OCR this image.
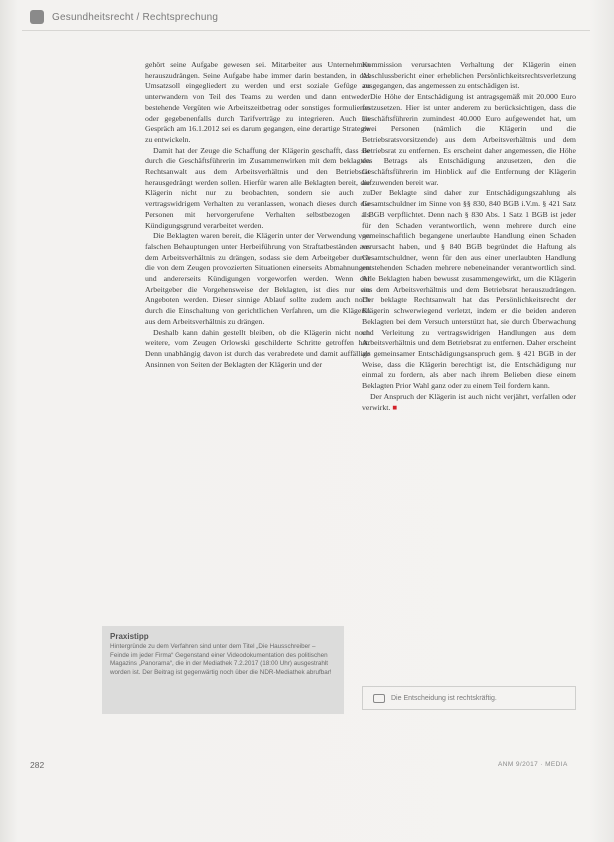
Gesundheitsrecht / Rechtsprechung

gehört seine Aufgabe gewesen sei. Mitarbeiter aus Unternehmen herauszudrängen. Seine Aufgabe habe immer darin bestanden, in das Umsatzsoll eingegliedert zu werden und erst soziale Gefüge zu unterwandern von Teil des Teams zu werden und dann entweder bestehende Vergüten wie Arbeitszeitbetrag oder sonstiges formulieren oder gegebenenfalls durch Tarifverträge zu integrieren. Auch im Gespräch am 16.1.2012 sei es darum gegangen, eine derartige Strategie zu entwickeln.

Damit hat der Zeuge die Schaffung der Klägerin geschafft, dass sie durch die Geschäftsführerin im Zusammenwirken mit dem beklagten Rechtsanwalt aus dem Arbeitsverhältnis und den Betriebsrat herausgedrängt werden sollen. Hierfür waren alle Beklagten bereit, die Klägerin nicht nur zu beobachten, sondern sie auch zu vertragswidrigem Verhalten zu veranlassen, wonach dieses durch die Personen mit hervorgerufene Verhalten selbstbezogen als Kündigungsgrund verarbeitet werden.

Die Beklagten waren bereit, die Klägerin unter der Verwendung von falschen Behauptungen unter Herbeiführung von Straftatbeständen aus dem Arbeitsverhältnis zu drängen, sodass sie dem Arbeitgeber durch die von dem Zeugen provozierten Situationen einerseits Abmahnungen und andererseits Kündigungen vorgeworfen werden. Wenn der Arbeitgeber die Vorgehensweise der Beklagten, ist dies nur ein Angeboten werden. Dieser sinnige Ablauf sollte zudem auch noch durch die Einschaltung von gerichtlichen Verfahren, um die Klägerin aus dem Arbeitsverhältnis zu drängen.

Deshalb kann dahin gestellt bleiben, ob die Klägerin nicht noch weitere, vom Zeugen Orlowski geschilderte Schritte getroffen hat. Denn unabhängig davon ist durch das verabredete und damit auffällige Ansinnen von Seiten der Beklagten der Klägerin und der

Kommission verursachten Verhaltung der Klägerin einen Abschlussbericht einer erheblichen Persönlichkeitsrechtsverletzung ausgegangen, das angemessen zu entschädigen ist.

Die Höhe der Entschädigung ist antragsgemäß mit 20.000 Euro festzusetzen. Hier ist unter anderem zu berücksichtigen, dass die Geschäftsführerin zumindest 40.000 Euro aufgewendet hat, um zwei Personen (nämlich die Klägerin und die Betriebsratsvorsitzende) aus dem Arbeitsverhältnis und dem Betriebsrat zu entfernen. Es erscheint daher angemessen, die Höhe des Betrags als Entschädigung anzusetzen, den die Geschäftsführerin im Hinblick auf die Entfernung der Klägerin aufzuwenden bereit war.

Der Beklagte sind daher zur Entschädigungszahlung als Gesamtschuldner im Sinne von §§ 830, 840 BGB i.V.m. § 421 Satz 1 BGB verpflichtet. Denn nach § 830 Abs. 1 Satz 1 BGB ist jeder für den Schaden verantwortlich, wenn mehrere durch eine gemeinschaftlich begangene unerlaubte Handlung einen Schaden verursacht haben, und § 840 BGB begründet die Haftung als Gesamtschuldner, wenn für den aus einer unerlaubten Handlung entstehenden Schaden mehrere nebeneinander verantwortlich sind. Alle Beklagten haben bewusst zusammengewirkt, um die Klägerin aus dem Arbeitsverhältnis und dem Betriebsrat herauszudrängen. Der beklagte Rechtsanwalt hat das Persönlichkeitsrecht der Klägerin schwerwiegend verletzt, indem er die beiden anderen Beklagten bei dem Versuch unterstützt hat, sie durch Überwachung und Verleitung zu vertragswidrigen Handlungen aus dem Arbeitsverhältnis und dem Betriebsrat zu entfernen. Daher erscheint als gemeinsamer Entschädigungsanspruch gem. § 421 BGB in der Weise, dass die Klägerin berechtigt ist, die Entschädigung nur einmal zu fordern, als aber nach ihrem Belieben diese einem Beklagten Prior Wahl ganz oder zu einem Teil fordern kann.

Der Anspruch der Klägerin ist auch nicht verjährt, verfallen oder verwirkt. ■

Praxistipp
Hintergründe zu dem Verfahren sind unter dem Titel „Die Hausschreiber – Feinde im jeder Firma“ Gegenstand einer Videodokumentation des politischen Magazins „Panorama“, die in der Mediathek 7.2.2017 (18:00 Uhr) ausgestrahlt worden ist. Der Beitrag ist gegenwärtig noch über die NDR-Mediathek abrufbar!
Die Entscheidung ist rechtskräftig.
282	ANM 9/2017 · MEDIA
